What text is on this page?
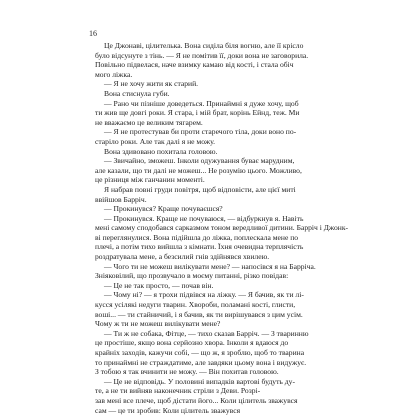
16
Це Джонаві, цілителька. Вона сиділа біля вогню, але її крісло
було відсунуте з тінь. — Я не помітив її, доки вона не заговорила.
Повільно підвелася, наче взимку камаю від кості, і стала обіч
мого ліжка.
— Я не хочу жити як старий.
Вона стиснула губи.
— Рано чи пізніше доведеться. Принаймні я дуже хочу, щоб
ти жив ще довгі роки. Я стара, і мій брат, корінь Ейнд, теж. Ми
не вважаємо це великим тягарем.
— Я не протестував би проти старечого тіла, доки воно по-
старіло роки. Але так далі я не можу.
Вона здивовано похитала головою.
— Звичайно, зможеш. Інколи одужування буває марудним,
але казали, що ти далі не можеш... Не розумію цього. Можливо,
це різниця між ганчанин моменті.
Я набрав повні груди повітря, щоб відповісти, але цієї миті
ввійшов Барріч.
— Прокинувся? Краще почуваєшся?
— Прокинувся. Краще не почуваюся, — відбуркнув я. Навіть
мені самому сподобався сарказмом тоном вередливої дитини. Барріч і Джонк-
ві переглянулися. Вона підійшла до ліжка, поплескала мене по
плечі, а потім тихо вийшла з кімнати. Їхня очевидна терплячість
роздратувала мене, а безсилий гнів здійнявся хвилею.
— Чого ти не можеш вилікувати мене? — напосівся я на Барріча.
Зніяковілий, що прозвучало в моєму питанні, різко повідав:
— Це не так просто, — почав він.
— Чому ні? — я трохи підвівся на ліжку. — Я бачив, як ти лі-
кусся усілякі недуги тварин. Хвороби, поламані кості, глисти,
воші... — ти стайничий, і я бачив, як ти вирішувався з цим усім.
Чому ж ти не можеш вилікувати мене?
— Ти ж не собака, Фітце, — тихо сказав Барріч. — З тваринню
це простіше, якщо вона серйозно хвора. Інколи я вдаюся до
крайніх заходів, кажучи собі, — що ж, я зроблю, щоб то тварина
то принаймні не страждатиме, але завдяки цьому вона і видужує.
З тобою я так вчинити не можу. — Він похитав головою.
— Це не відповідь. У половині випадків вартові будуть ду-
те, а не ти вийняв наконечник стріли з Деви. Розрі-
зав мені все плече, щоб дістати його... Коли цілитель зважувся
сам — це ти зробив: Коли цілитель зважувся
